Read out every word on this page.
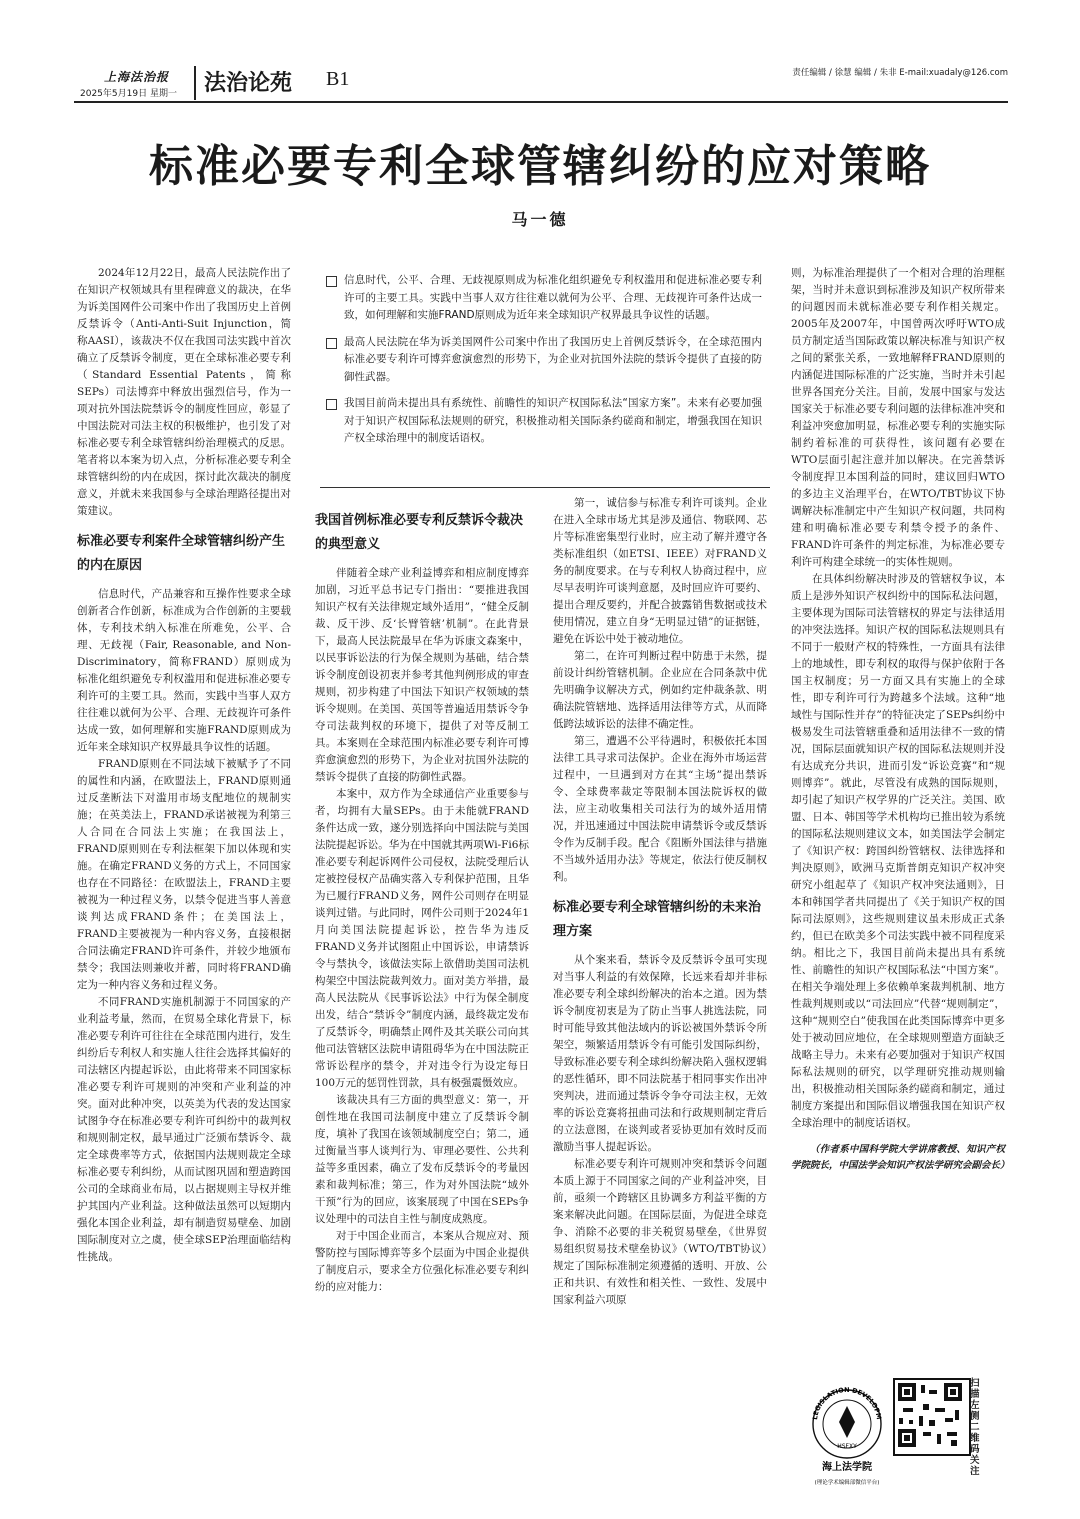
上海法治报
2025年5月19日 星期一 法治论苑 B1	责任编辑 / 徐慧 编辑 / 朱非 E-mail:xuadaly@126.com
标准必要专利全球管辖纠纷的应对策略
马一德

2024年12月22日，最高人民法院作出了在知识产权领域具有里程碑意义的裁决，在华为诉美国网件公司案中作出了我国历史上首例反禁诉令（Anti-Anti-Suit Injunction，简称AASI），该裁决不仅在我国司法实践中首次确立了反禁诉令制度，更在全球标准必要专利（Standard Essential Patents，简称SEPs）司法博弈中释放出强烈信号，作为一项对抗外国法院禁诉令的制度性回应，彰显了中国法院对司法主权的积极维护，也引发了对标准必要专利全球管辖纠纷治理模式的反思。笔者将以本案为切入点，分析标准必要专利全球管辖纠纷的内在成因，探讨此次裁决的制度意义，并就未来我国参与全球治理路径提出对策建议。

标准必要专利案件全球管辖纠纷产生的内在原因

信息时代，产品兼容和互操作性要求全球创新者合作创新，标准成为合作创新的主要载体，专利技术纳入标准在所难免，公平、合理、无歧视（Fair, Reasonable, and Non-Discriminatory，简称FRAND）原则成为标准化组织避免专利权滥用和促进标准必要专利许可的主要工具。然而，实践中当事人双方往往难以就何为公平、合理、无歧视许可条件达成一致，如何理解和实施FRAND原则成为近年来全球知识产权界最具争议性的话题。

FRAND原则在不同法域下被赋予了不同的属性和内涵，在欧盟法上，FRAND原则通过反垄断法下对滥用市场支配地位的规制实施；在英美法上，FRAND承诺被视为利第三人合同在合同法上实施；在我国法上，FRAND原则则在专利法框架下加以体现和实施。在确定FRAND义务的方式上，不同国家也存在不同路径：在欧盟法上，FRAND主要被视为一种过程义务，以禁令促进当事人善意谈判达成FRAND条件；在美国法上，FRAND主要被视为一种内容义务，直接根据合同法确定FRAND许可条件，并较少地颁布禁令；我国法则兼收并蓄，同时将FRAND确定为一种内容义务和过程义务。

不同FRAND实施机制源于不同国家的产业利益考量，然而，在贸易全球化背景下，标准必要专利许可往往在全球范围内进行，发生纠纷后专利权人和实施人往往会选择其偏好的司法辖区内提起诉讼，由此将带来不同国家标准必要专利许可规则的冲突和产业利益的冲突。面对此种冲突，以英美为代表的发达国家试图争夺在标准必要专利许可纠纷中的裁判权和规则制定权，最早通过广泛颁布禁诉令、裁定全球费率等方式，依据国内法规则裁定全球标准必要专利纠纷，从而试图巩固和塑造跨国公司的全球商业布局，以占据规则主导权并维护其国内产业利益。这种做法虽然可以短期内强化本国企业利益，却有制造贸易壁垒、加剧国际制度对立之虞，使全球SEP治理面临结构性挑战。

信息时代，公平、合理、无歧视原则成为标准化组织避免专利权滥用和促进标准必要专利许可的主要工具。实践中当事人双方往往难以就何为公平、合理、无歧视许可条件达成一致，如何理解和实施FRAND原则成为近年来全球知识产权界最具争议性的话题。
最高人民法院在华为诉美国网件公司案中作出了我国历史上首例反禁诉令，在全球范围内标准必要专利许可博弈愈演愈烈的形势下，为企业对抗国外法院的禁诉令提供了直接的防御性武器。
我国目前尚未提出具有系统性、前瞻性的知识产权国际私法“国家方案”。未来有必要加强对于知识产权国际私法规则的研究，积极推动相关国际条约磋商和制定，增强我国在知识产权全球治理中的制度话语权。
我国首例标准必要专利反禁诉令裁决的典型意义

伴随着全球产业利益博弈和相应制度博弈加剧，习近平总书记专门指出：“要推进我国知识产权有关法律规定域外适用”，“健全反制裁、反干涉、反‘长臂管辖’机制”。在此背景下，最高人民法院最早在华为诉康文森案中，以民事诉讼法的行为保全规则为基础，结合禁诉令制度创设初衷并参考其他判例形成的审查规则，初步构建了中国法下知识产权领域的禁诉令规则。在美国、英国等普遍适用禁诉令争夺司法裁判权的环境下，提供了对等反制工具。本案则在全球范围内标准必要专利许可博弈愈演愈烈的形势下，为企业对抗国外法院的禁诉令提供了直接的防御性武器。

本案中，双方作为全球通信产业重要参与者，均拥有大量SEPs。由于未能就FRAND条件达成一致，遂分别选择向中国法院与美国法院提起诉讼。华为在中国就其两项Wi-Fi6标准必要专利起诉网件公司侵权，法院受理后认定被控侵权产品确实落入专利保护范围，且华为已履行FRAND义务，网件公司则存在明显谈判过错。与此同时，网件公司则于2024年1月向美国法院提起诉讼，控告华为违反FRAND义务并试图阻止中国诉讼，申请禁诉令与禁执令，该做法实际上欲借助美国司法机构架空中国法院裁判效力。面对美方举措，最高人民法院从《民事诉讼法》中行为保全制度出发，结合“禁诉令”制度内涵，最终裁定发布了反禁诉令，明确禁止网件及其关联公司向其他司法管辖区法院申请阻碍华为在中国法院正常诉讼程序的禁令，并对违令行为设定每日100万元的惩罚性罚款，具有极强震慑效应。

该裁决具有三方面的典型意义：第一，开创性地在我国司法制度中建立了反禁诉令制度，填补了我国在该领域制度空白；第二，通过衡量当事人谈判行为、审理必要性、公共利益等多重因素，确立了发布反禁诉令的考量因素和裁判标准；第三，作为对外国法院“域外干预”行为的回应，该案展现了中国在SEPs争议处理中的司法自主性与制度成熟度。

对于中国企业而言，本案从合规应对、预警防控与国际博弈等多个层面为中国企业提供了制度启示，要求全方位强化标准必要专利纠纷的应对能力：

第一，诚信参与标准专利许可谈判。企业在进入全球市场尤其是涉及通信、物联网、芯片等标准密集型行业时，应主动了解并遵守各类标准组织（如ETSI、IEEE）对FRAND义务的制度要求。在与专利权人协商过程中，应尽早表明许可谈判意愿，及时回应许可要约、提出合理反要约，并配合披露销售数据或技术使用情况，建立自身“无明显过错”的证据链，避免在诉讼中处于被动地位。

第二，在许可判断过程中防患于未然，提前设计纠纷管辖机制。企业应在合同条款中优先明确争议解决方式，例如约定仲裁条款、明确法院管辖地、选择适用法律等方式，从而降低跨法域诉讼的法律不确定性。

第三，遭遇不公平待遇时，积极依托本国法律工具寻求司法保护。企业在海外市场运营过程中，一旦遇到对方在其“主场”提出禁诉令、全球费率裁定等限制本国法院诉权的做法，应主动收集相关司法行为的域外适用情况，并迅速通过中国法院申请禁诉令或反禁诉令作为反制手段。配合《阻断外国法律与措施不当域外适用办法》等规定，依法行使反制权利。

标准必要专利全球管辖纠纷的未来治理方案

从个案来看，禁诉令及反禁诉令虽可实现对当事人利益的有效保障，长远来看却并非标准必要专利全球纠纷解决的治本之道。因为禁诉令制度初衷是为了防止当事人挑选法院，同时可能导致其他法域内的诉讼被国外禁诉令所架空，频繁适用禁诉令有可能引发国际纠纷，导致标准必要专利全球纠纷解决陷入强权逻辑的恶性循环，即不同法院基于相同事实作出冲突判决，进而通过禁诉令争夺司法主权，无效率的诉讼竞赛将扭曲司法和行政规则制定背后的立法意图，在谈判或者妥协更加有效时反而激励当事人提起诉讼。

标准必要专利许可规则冲突和禁诉令问题本质上源于不同国家之间的产业利益冲突，目前，亟须一个跨辖区且协调多方利益平衡的方案来解决此问题。在国际层面，为促进全球竞争、消除不必要的非关税贸易壁垒，《世界贸易组织贸易技术壁垒协议》（WTO/TBT协议）规定了国际标准制定须遵循的透明、开放、公正和共识、有效性和相关性、一致性、发展中国家利益六项原

则，为标准治理提供了一个相对合理的治理框架，当时并未意识到标准涉及知识产权所带来的问题因而未就标准必要专利作相关规定。2005年及2007年，中国曾两次呼吁WTO成员方制定适当国际政策以解决标准与知识产权之间的紧张关系，一致地解释FRAND原则的内涵促进国际标准的广泛实施，当时并未引起世界各国充分关注。目前，发展中国家与发达国家关于标准必要专利问题的法律标准冲突和利益冲突愈加明显，标准必要专利的实施实际制约着标准的可获得性，该问题有必要在WTO层面引起注意并加以解决。在完善禁诉令制度捍卫本国利益的同时，建议回归WTO的多边主义治理平台，在WTO/TBT协议下协调解决标准制定中产生知识产权问题，共同构建和明确标准必要专利禁令授予的条件、FRAND许可条件的判定标准，为标准必要专利许可构建全球统一的实体性规则。

在具体纠纷解决时涉及的管辖权争议，本质上是涉外知识产权纠纷中的国际私法问题，主要体现为国际司法管辖权的界定与法律适用的冲突法选择。知识产权的国际私法规则具有不同于一般财产权的特殊性，一方面具有法律上的地域性，即专利权的取得与保护依附于各国主权制度；另一方面又具有实施上的全球性，即专利许可行为跨越多个法域。这种“地域性与国际性并存”的特征决定了SEPs纠纷中极易发生司法管辖重叠和适用法律不一致的情况，国际层面就知识产权的国际私法规则并没有达成充分共识，进而引发“诉讼竞赛”和“规则博弈”。就此，尽管没有成熟的国际规则，却引起了知识产权学界的广泛关注。美国、欧盟、日本、韩国等学术机构均已推出较为系统的国际私法规则建议文本，如美国法学会制定了《知识产权：跨国纠纷管辖权、法律选择和判决原则》，欧洲马克斯普朗克知识产权冲突研究小组起草了《知识产权冲突法通则》，日本和韩国学者共同提出了《关于知识产权的国际司法原则》，这些规则建议虽未形成正式条约，但已在欧美多个司法实践中被不同程度采纳。相比之下，我国目前尚未提出具有系统性、前瞻性的知识产权国际私法“中国方案”。在相关争端处理上多依赖单案裁判机制、地方性裁判规则或以“司法回应”代替“规则制定”，这种“规则空白”使我国在此类国际博弈中更多处于被动回应地位，在全球规则塑造方面缺乏战略主导力。未来有必要加强对于知识产权国际私法规则的研究，以学理研究推动规则输出，积极推动相关国际条约磋商和制定，通过制度方案提出和国际倡议增强我国在知识产权全球治理中的制度话语权。

（作者系中国科学院大学讲席教授、知识产权学院院长，中国法学会知识产权法学研究会副会长）

LEGISLATION DEVELOPM
HSFXY
海上法学院
(理论学术编辑部微信平台)
扫描左侧二维码关注
